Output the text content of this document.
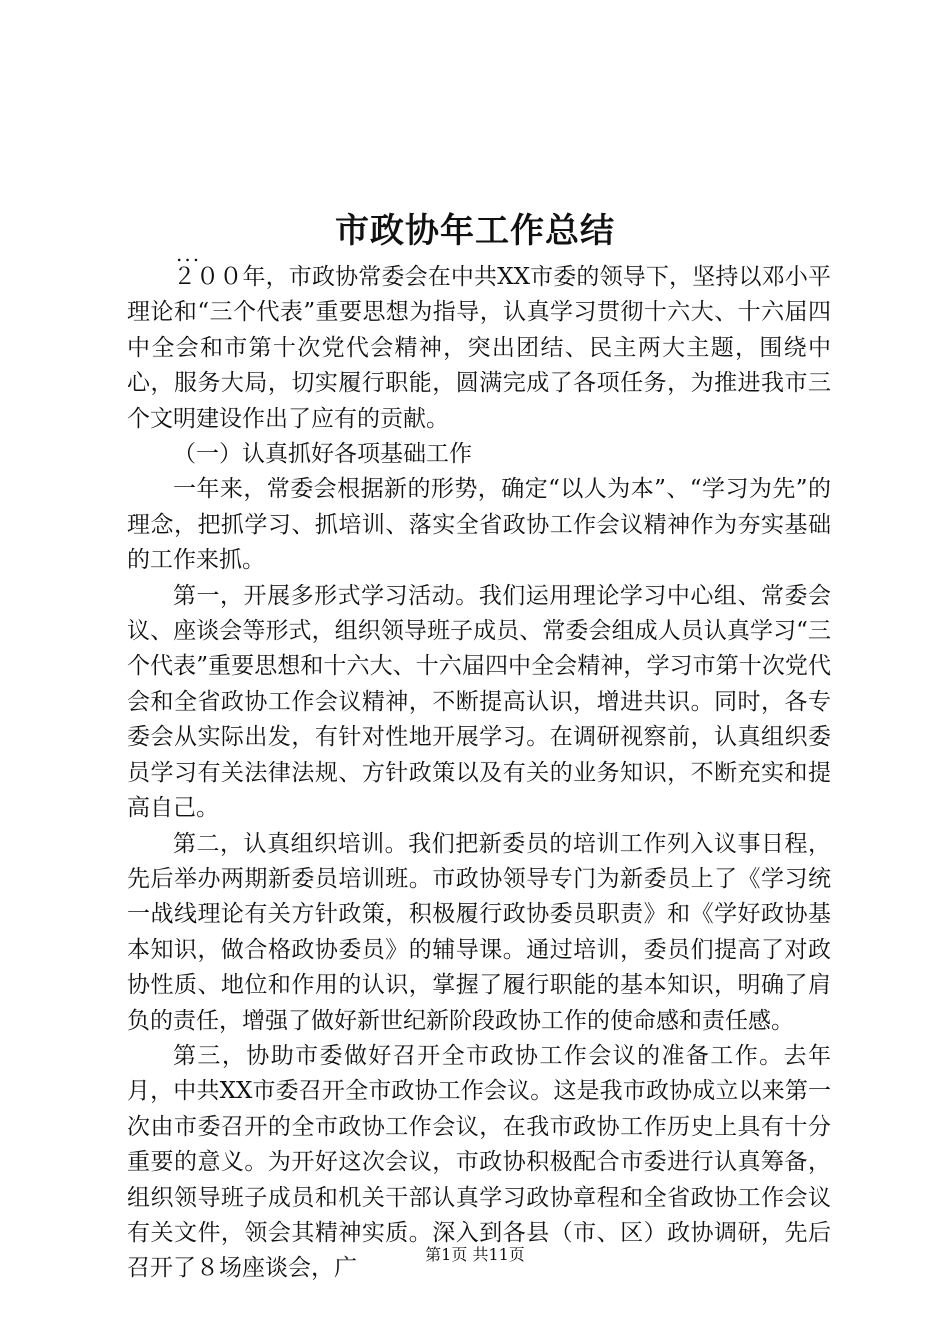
市政协年工作总结
...

２００年，市政协常委会在中共XX市委的领导下，坚持以邓小平理论和“三个代表”重要思想为指导，认真学习贯彻十六大、十六届四中全会和市第十次党代会精神，突出团结、民主两大主题，围绕中心，服务大局，切实履行职能，圆满完成了各项任务，为推进我市三个文明建设作出了应有的贡献。

（一）认真抓好各项基础工作

一年来，常委会根据新的形势，确定“以人为本”、“学习为先”的理念，把抓学习、抓培训、落实全省政协工作会议精神作为夯实基础的工作来抓。

第一，开展多形式学习活动。我们运用理论学习中心组、常委会议、座谈会等形式，组织领导班子成员、常委会组成人员认真学习“三个代表”重要思想和十六大、十六届四中全会精神，学习市第十次党代会和全省政协工作会议精神，不断提高认识，增进共识。同时，各专委会从实际出发，有针对性地开展学习。在调研视察前，认真组织委员学习有关法律法规、方针政策以及有关的业务知识，不断充实和提高自己。

第二，认真组织培训。我们把新委员的培训工作列入议事日程，先后举办两期新委员培训班。市政协领导专门为新委员上了《学习统一战线理论有关方针政策，积极履行政协委员职责》和《学好政协基本知识，做合格政协委员》的辅导课。通过培训，委员们提高了对政协性质、地位和作用的认识，掌握了履行职能的基本知识，明确了肩负的责任，增强了做好新世纪新阶段政协工作的使命感和责任感。

第三，协助市委做好召开全市政协工作会议的准备工作。去年月，中共XX市委召开全市政协工作会议。这是我市政协成立以来第一次由市委召开的全市政协工作会议，在我市政协工作历史上具有十分重要的意义。为开好这次会议，市政协积极配合市委进行认真筹备，组织领导班子成员和机关干部认真学习政协章程和全省政协工作会议有关文件，领会其精神实质。深入到各县（市、区）政协调研，先后召开了８场座谈会，广

第1页 共11页
